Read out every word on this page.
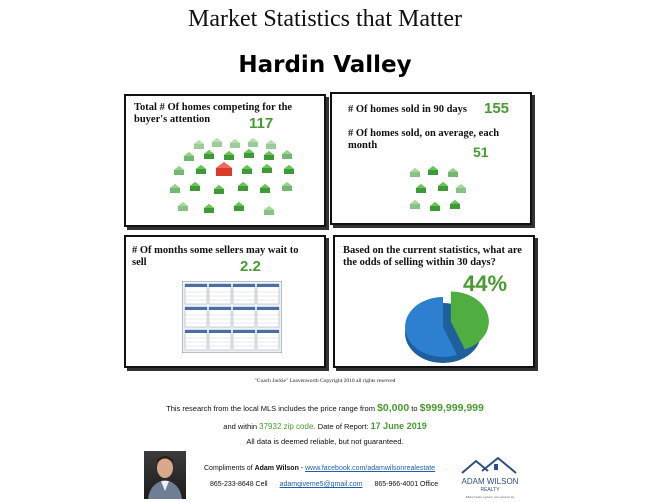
Market Statistics that Matter
Hardin Valley
Total # Of homes competing for the buyer's attention	117
# Of homes sold in 90 days	155
# Of homes sold, on average, each month	51
# Of months some sellers may wait to sell	2.2
Based on the current statistics, what are the odds of selling within 30 days?
44%
"Coach Jackie" Leavenworth Copyright 2010 all rights reserved
This research from the local MLS includes the price range from $0,000 to $999,999,999
and within 37932 zip code. Date of Report: 17 June 2019
All data is deemed reliable, but not guaranteed.
Compliments of Adam Wilson - www.facebook.com/adamwilsonrealestate
865-233-8648 Cell adamgiveme5@gmail.com 865-966-4001 Office	ADAM WILSON
REALTY
Make home a place you want to be
